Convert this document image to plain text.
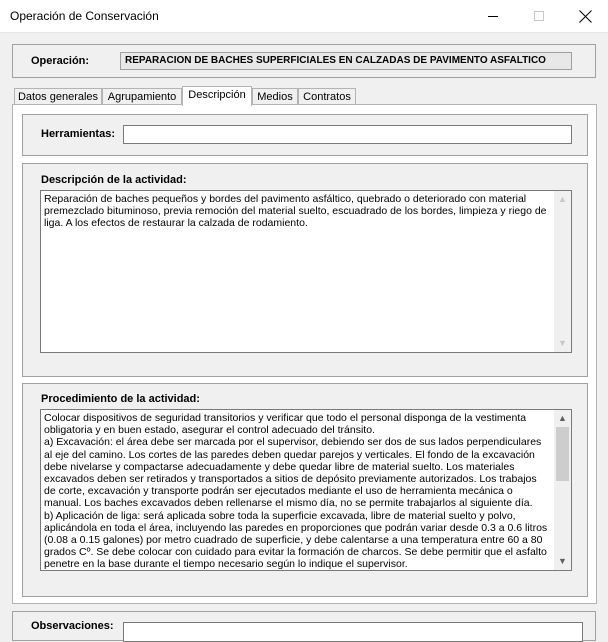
Operación de Conservación
Operación:	REPARACION DE BACHES SUPERFICIALES EN CALZADAS DE PAVIMENTO ASFALTICO
Datos generales Agrupamiento	Descripción	Medios Contratos
Herramientas:
Descripción de la actividad:
Reparación de baches pequeños y bordes del pavimento asfáltico, quebrado o deteriorado con material premezclado bituminoso, previa remoción del material suelto, escuadrado de los bordes, limpieza y riego de liga. A los efectos de restaurar la calzada de rodamiento.
▲
▼
Procedimiento de la actividad:
Colocar dispositivos de seguridad transitorios y verificar que todo el personal disponga de la vestimenta obligatoria y en buen estado, asegurar el control adecuado del tránsito.
a) Excavación: el área debe ser marcada por el supervisor, debiendo ser dos de sus lados perpendiculares al eje del camino. Los cortes de las paredes deben quedar parejos y verticales. El fondo de la excavación debe nivelarse y compactarse adecuadamente y debe quedar libre de material suelto. Los materiales excavados deben ser retirados y transportados a sitios de depósito previamente autorizados. Los trabajos de corte, excavación y transporte podrán ser ejecutados mediante el uso de herramienta mecánica o manual. Los baches excavados deben rellenarse el mismo día, no se permite trabajarlos al siguiente día.
b) Aplicación de liga: será aplicada sobre toda la superficie excavada, libre de material suelto y polvo, aplicándola en toda el área, incluyendo las paredes en proporciones que podrán variar desde 0.3 a 0.6 litros (0.08 a 0.15 galones) por metro cuadrado de superficie, y debe calentarse a una temperatura entre 60 a 80 grados Cº. Se debe colocar con cuidado para evitar la formación de charcos. Se debe permitir que el asfalto penetre en la base durante el tiempo necesario según lo indique el supervisor.
▲
▼
Observaciones:
